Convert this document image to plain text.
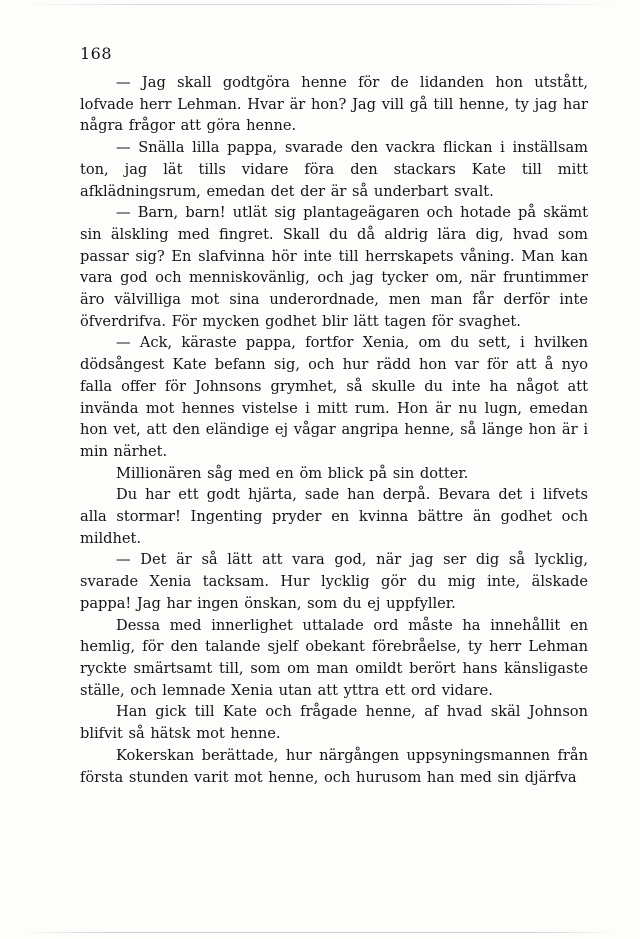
168

— Jag skall godtgöra henne för de lidanden hon utstått, lofvade herr Lehman. Hvar är hon? Jag vill gå till henne, ty jag har några frågor att göra henne.

— Snälla lilla pappa, svarade den vackra flickan i inställsam ton, jag lät tills vidare föra den stackars Kate till mitt afklädningsrum, emedan det der är så underbart svalt.

— Barn, barn! utlät sig plantageägaren och hotade på skämt sin älskling med fingret. Skall du då aldrig lära dig, hvad som passar sig? En slafvinna hör inte till herrskapets våning. Man kan vara god och menniskovänlig, och jag tycker om, när fruntimmer äro välvilliga mot sina underordnade, men man får derför inte öfverdrifva. För mycken godhet blir lätt tagen för svaghet.

— Ack, käraste pappa, fortfor Xenia, om du sett, i hvilken dödsångest Kate befann sig, och hur rädd hon var för att å nyo falla offer för Johnsons grymhet, så skulle du inte ha något att invända mot hennes vistelse i mitt rum. Hon är nu lugn, emedan hon vet, att den eländige ej vågar angripa henne, så länge hon är i min närhet.

Millionären såg med en öm blick på sin dotter.

Du har ett godt hjärta, sade han derpå. Bevara det i lifvets alla stormar! Ingenting pryder en kvinna bättre än godhet och mildhet.

— Det är så lätt att vara god, när jag ser dig så lycklig, svarade Xenia tacksam. Hur lycklig gör du mig inte, älskade pappa! Jag har ingen önskan, som du ej uppfyller.

Dessa med innerlighet uttalade ord måste ha innehållit en hemlig, för den talande sjelf obekant förebråelse, ty herr Lehman ryckte smärtsamt till, som om man omildt berört hans känsligaste ställe, och lemnade Xenia utan att yttra ett ord vidare.

Han gick till Kate och frågade henne, af hvad skäl Johnson blifvit så hätsk mot henne.

Kokerskan berättade, hur närgången uppsyningsmannen från första stunden varit mot henne, och hurusom han med sin djärfva
